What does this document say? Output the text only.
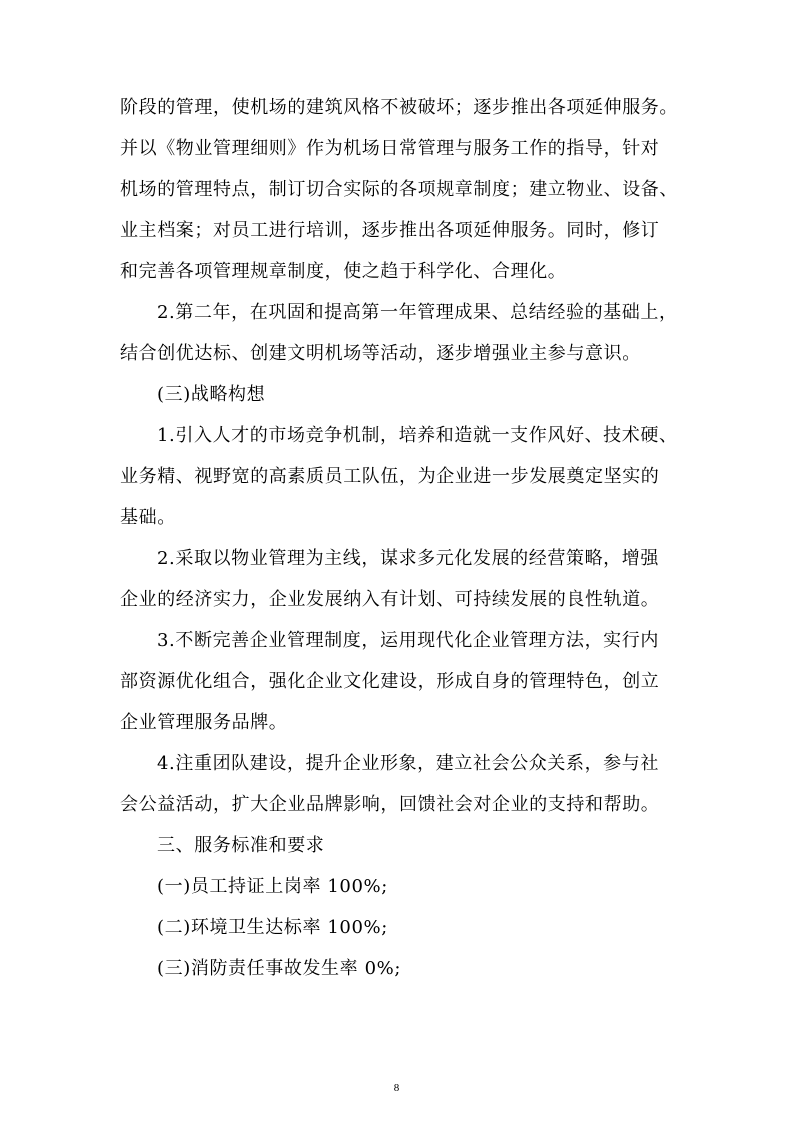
阶段的管理，使机场的建筑风格不被破坏；逐步推出各项延伸服务。
并以《物业管理细则》作为机场日常管理与服务工作的指导，针对
机场的管理特点，制订切合实际的各项规章制度；建立物业、设备、
业主档案；对员工进行培训，逐步推出各项延伸服务。同时，修订
和完善各项管理规章制度，使之趋于科学化、合理化。
2.第二年，在巩固和提高第一年管理成果、总结经验的基础上，
结合创优达标、创建文明机场等活动，逐步增强业主参与意识。
(三)战略构想
1.引入人才的市场竞争机制，培养和造就一支作风好、技术硬、
业务精、视野宽的高素质员工队伍，为企业进一步发展奠定坚实的
基础。
2.采取以物业管理为主线，谋求多元化发展的经营策略，增强
企业的经济实力，企业发展纳入有计划、可持续发展的良性轨道。
3.不断完善企业管理制度，运用现代化企业管理方法，实行内
部资源优化组合，强化企业文化建设，形成自身的管理特色，创立
企业管理服务品牌。
4.注重团队建设，提升企业形象，建立社会公众关系，参与社
会公益活动，扩大企业品牌影响，回馈社会对企业的支持和帮助。
三、服务标准和要求
(一)员工持证上岗率 100%;
(二)环境卫生达标率 100%;
(三)消防责任事故发生率 0%;
8
